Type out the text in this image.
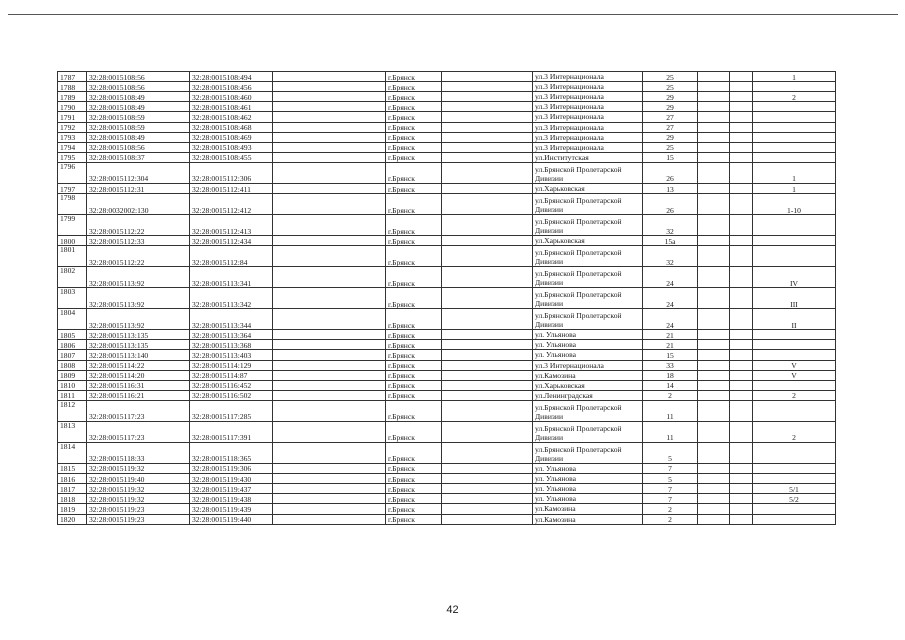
1787	32:28:0015108:56	32:28:0015108:494		г.Брянск		ул.3 Интернационала	25			1
1788	32:28:0015108:56	32:28:0015108:456		г.Брянск		ул.3 Интернационала	25			
1789	32:28:0015108:49	32:28:0015108:460		г.Брянск		ул.3 Интернационала	29			2
1790	32:28:0015108:49	32:28:0015108:461		г.Брянск		ул.3 Интернационала	29			
1791	32:28:0015108:59	32:28:0015108:462		г.Брянск		ул.3 Интернационала	27			
1792	32:28:0015108:59	32:28:0015108:468		г.Брянск		ул.3 Интернационала	27			
1793	32:28:0015108:49	32:28:0015108:469		г.Брянск		ул.3 Интернационала	29			
1794	32:28:0015108:56	32:28:0015108:493		г.Брянск		ул.3 Интернационала	25			
1795	32:28:0015108:37	32:28:0015108:455		г.Брянск		ул.Институтская	15			
1796	32:28:0015112:304	32:28:0015112:306		г.Брянск		ул.Брянской Пролетарской Дивизии	26			1
1797	32:28:0015112:31	32:28:0015112:411		г.Брянск		ул.Харьковская	13			1
1798	32:28:0032002:130	32:28:0015112:412		г.Брянск		ул.Брянской Пролетарской Дивизии	26			1-10
1799	32:28:0015112:22	32:28:0015112:413		г.Брянск		ул.Брянской Пролетарской Дивизии	32			
1800	32:28:0015112:33	32:28:0015112:434		г.Брянск		ул.Харьковская	15а			
1801	32:28:0015112:22	32:28:0015112:84		г.Брянск		ул.Брянской Пролетарской Дивизии	32			
1802	32:28:0015113:92	32:28:0015113:341		г.Брянск		ул.Брянской Пролетарской Дивизии	24			IV
1803	32:28:0015113:92	32:28:0015113:342		г.Брянск		ул.Брянской Пролетарской Дивизии	24			III
1804	32:28:0015113:92	32:28:0015113:344		г.Брянск		ул.Брянской Пролетарской Дивизии	24			II
1805	32:28:0015113:135	32:28:0015113:364		г.Брянск		ул. Ульянова	21			
1806	32:28:0015113:135	32:28:0015113:368		г.Брянск		ул. Ульянова	21			
1807	32:28:0015113:140	32:28:0015113:403		г.Брянск		ул. Ульянова	15			
1808	32:28:0015114:22	32:28:0015114:129		г.Брянск		ул.3 Интернационала	33			V
1809	32:28:0015114:20	32:28:0015114:87		г.Брянск		ул.Камозина	18			V
1810	32:28:0015116:31	32:28:0015116:452		г.Брянск		ул.Харьковская	14			
1811	32:28:0015116:21	32:28:0015116:502		г.Брянск		ул.Ленинградская	2			2
1812	32:28:0015117:23	32:28:0015117:285		г.Брянск		ул.Брянской Пролетарской Дивизии	11			
1813	32:28:0015117:23	32:28:0015117:391		г.Брянск		ул.Брянской Пролетарской Дивизии	11			2
1814	32:28:0015118:33	32:28:0015118:365		г.Брянск		ул.Брянской Пролетарской Дивизии	5			
1815	32:28:0015119:32	32:28:0015119:306		г.Брянск		ул. Ульянова	7			
1816	32:28:0015119:40	32:28:0015119:430		г.Брянск		ул. Ульянова	5			
1817	32:28:0015119:32	32:28:0015119:437		г.Брянск		ул. Ульянова	7			5/1
1818	32:28:0015119:32	32:28:0015119:438		г.Брянск		ул. Ульянова	7			5/2
1819	32:28:0015119:23	32:28:0015119:439		г.Брянск		ул.Камозина	2			
1820	32:28:0015119:23	32:28:0015119:440		г.Брянск		ул.Камозина	2			
42
